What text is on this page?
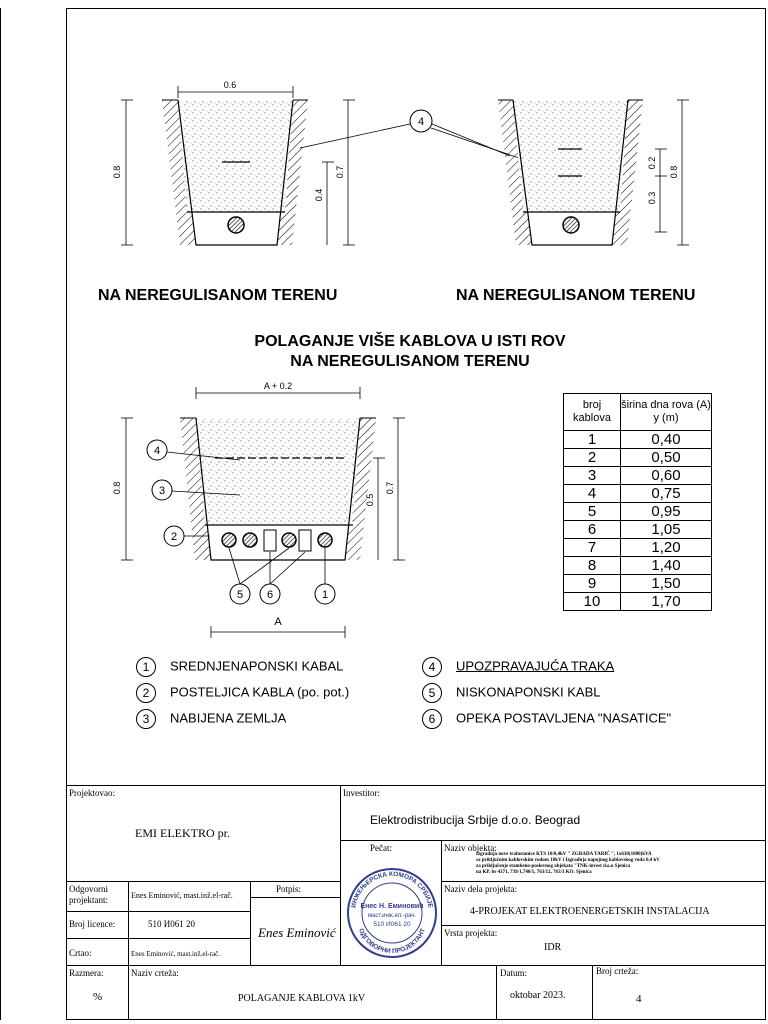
0.6
0.8	0.7
0.4
4
0.2
0.3
0.8
A + 0.2
A
0.8	0.7
0.5
4
3
2
5 6	1
NA NEREGULISANOM TERENU	NA NEREGULISANOM TERENU
POLAGANJE VIŠE KABLOVA U ISTI ROV
NA NEREGULISANOM TERENU
broj kablova	širina dna rova (A) y (m)
1	0,40
2	0,50
3	0,60
4	0,75
5	0,95
6	1,05
7	1,20
8	1,40
9	1,50
10	1,70
1 SREDNJENAPONSKI KABAL
2 POSTELJICA KABLA (po. pot.)
3 NABIJENA ZEMLJA
4 UPOZPRAVAJUĆA TRAKA
5 NISKONAPONSKI KABL
6 OPEKA POSTAVLJENA "NASATICE"
Projektovao:
EMI ELEKTRO pr.
Investitor:
Elektrodistribucija Srbije d.o.o. Beograd
Pečat:	Naziv objekta:
Izgradnja nove trafostanice KTS 10/0,4kV " ZGRADA TARIĆ ", 1x630(1000)kVA
sa priključnim kablovskim vodom 10kV i Izgradnja napojnog kablovskog voda 0,4 kV
za priključenje stambeno-poslovnog objekata "TNK-invest d.o.o Sjenica
na KP. br 4371, 739/1,740/1, 763/12, 763/3 KO. Sjenica
Odgovorni projektant:	Enes Eminović, mast.inž.el-rač.
Potpis:
Enes Eminović
Broj licence:	510 И061 20
Crtao:	Enes Eminović, mast.inž.el-rač.
Naziv dela projekta:
4-PROJEKAT ELEKTROENERGETSKIH INSTALACIJA
Vrsta projekta:
IDR
Razmera:
%
Naziv crteža:
POLAGANJE KABLOVA 1kV
Datum:
oktobar 2023.
Broj crteža:
4
ИНЖЕЊЕРСКА КОМОРА СРБИЈЕ
ОДГОВОРНИ ПРОЈЕКТАНТ
Енес Н. Еминовић
маст.инж.ел.-рач.
510 И061 20
